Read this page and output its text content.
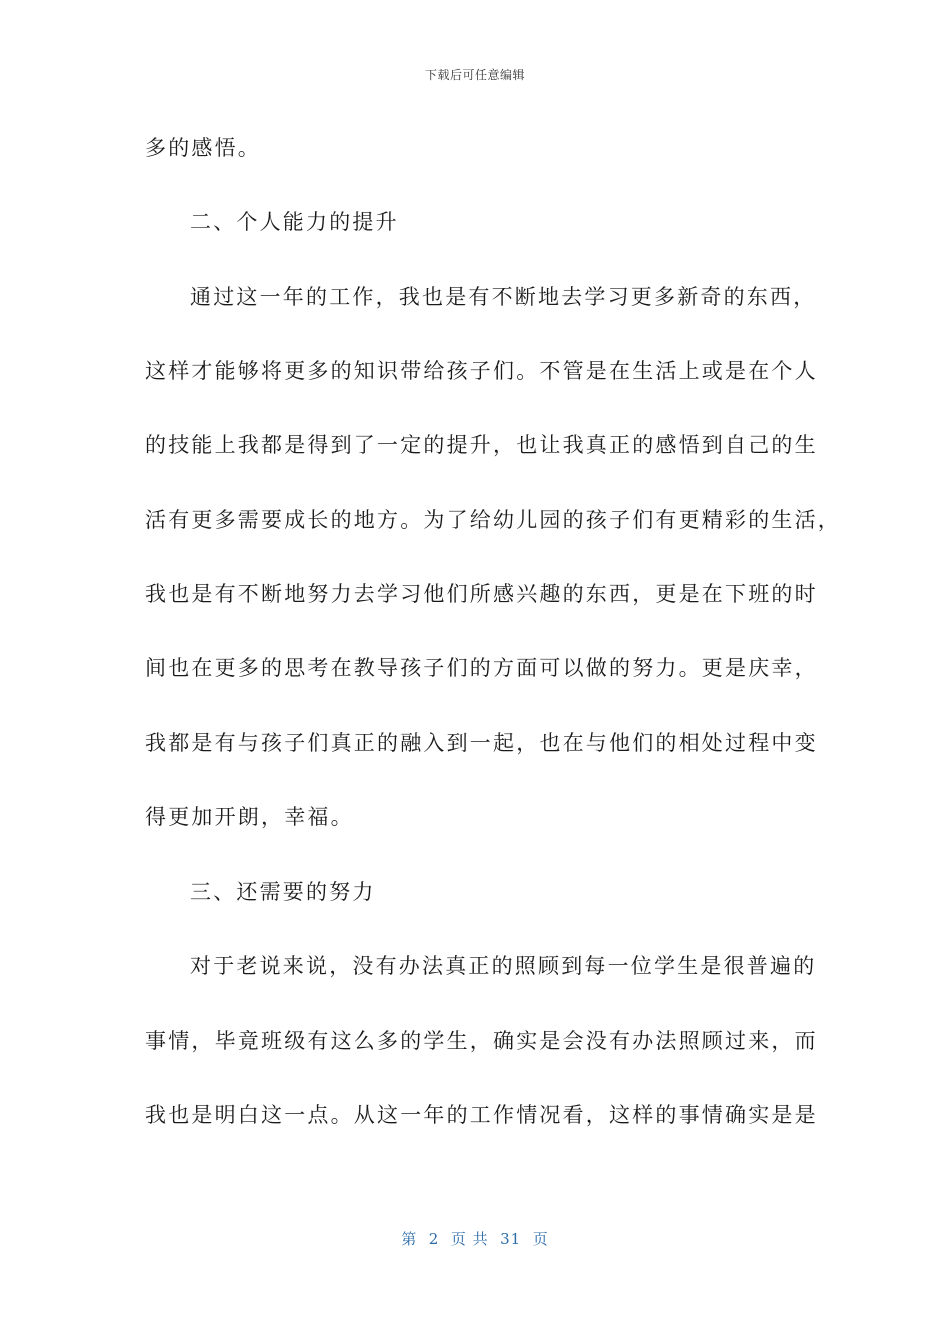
下载后可任意编辑
多的感悟。
二、个人能力的提升
通过这一年的工作，我也是有不断地去学习更多新奇的东西，
这样才能够将更多的知识带给孩子们。不管是在生活上或是在个人
的技能上我都是得到了一定的提升，也让我真正的感悟到自己的生
活有更多需要成长的地方。为了给幼儿园的孩子们有更精彩的生活，
我也是有不断地努力去学习他们所感兴趣的东西，更是在下班的时
间也在更多的思考在教导孩子们的方面可以做的努力。更是庆幸，
我都是有与孩子们真正的融入到一起，也在与他们的相处过程中变
得更加开朗，幸福。
三、还需要的努力
对于老说来说，没有办法真正的照顾到每一位学生是很普遍的
事情，毕竟班级有这么多的学生，确实是会没有办法照顾过来，而
我也是明白这一点。从这一年的工作情况看，这样的事情确实是是
第  2  页 共  31  页
